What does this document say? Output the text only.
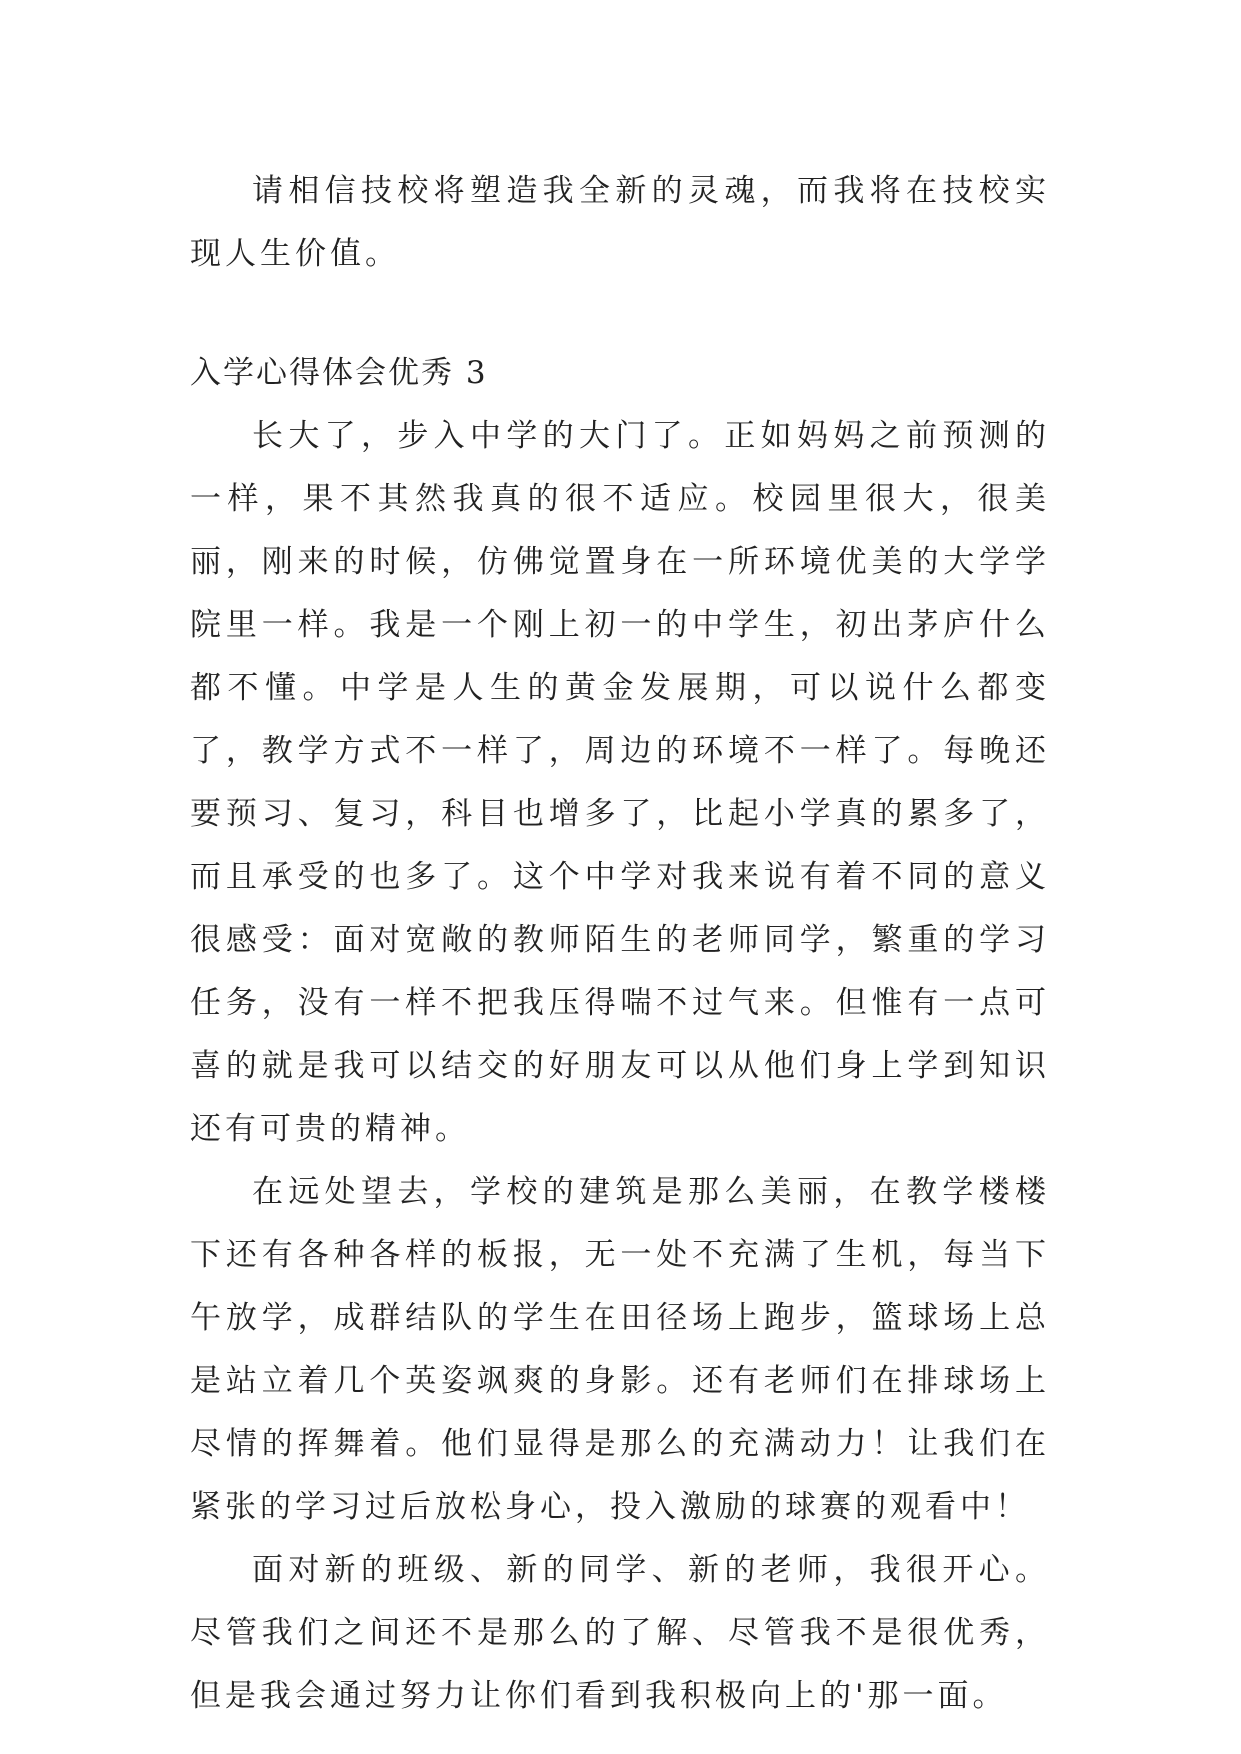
请相信技校将塑造我全新的灵魂，而我将在技校实现人生价值。

入学心得体会优秀 3

长大了，步入中学的大门了。正如妈妈之前预测的一样，果不其然我真的很不适应。校园里很大，很美丽，刚来的时候，仿佛觉置身在一所环境优美的大学学院里一样。我是一个刚上初一的中学生，初出茅庐什么都不懂。中学是人生的黄金发展期，可以说什么都变了，教学方式不一样了，周边的环境不一样了。每晚还要预习、复习，科目也增多了，比起小学真的累多了，而且承受的也多了。这个中学对我来说有着不同的意义很感受：面对宽敞的教师陌生的老师同学，繁重的学习任务，没有一样不把我压得喘不过气来。但惟有一点可喜的就是我可以结交的好朋友可以从他们身上学到知识还有可贵的精神。

在远处望去，学校的建筑是那么美丽，在教学楼楼下还有各种各样的板报，无一处不充满了生机，每当下午放学，成群结队的学生在田径场上跑步，篮球场上总是站立着几个英姿飒爽的身影。还有老师们在排球场上尽情的挥舞着。他们显得是那么的充满动力！让我们在紧张的学习过后放松身心，投入激励的球赛的观看中！

面对新的班级、新的同学、新的老师，我很开心。尽管我们之间还不是那么的了解、尽管我不是很优秀，但是我会通过努力让你们看到我积极向上的'那一面。
